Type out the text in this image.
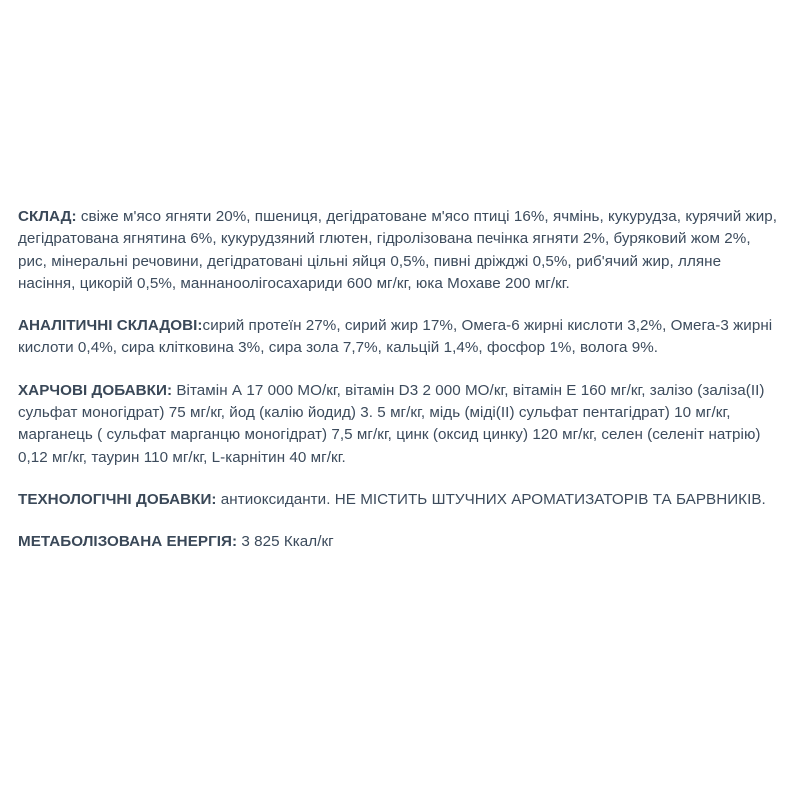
СКЛАД: свіже м'ясо ягняти 20%, пшениця, дегідратоване м'ясо птиці 16%, ячмінь, кукурудза, курячий жир, дегідратована ягнятина 6%, кукурудзяний глютен, гідролізована печінка ягняти 2%, буряковий жом 2%, рис, мінеральні речовини, дегідратовані цільні яйця 0,5%, пивні дріжджі 0,5%, риб'ячий жир, лляне насіння, цикорій 0,5%, маннаноолігосахариди 600 мг/кг, юка Мохаве 200 мг/кг.

АНАЛІТИЧНІ СКЛАДОВІ:сирий протеїн 27%, сирий жир 17%, Омега-6 жирні кислоти 3,2%, Омега-3 жирні кислоти 0,4%, сира клітковина 3%, сира зола 7,7%, кальцій 1,4%, фосфор 1%, волога 9%.

ХАРЧОВІ ДОБАВКИ: Вітамін А 17 000 МО/кг, вітамін D3 2 000 МО/кг, вітамін Е 160 мг/кг, залізо (заліза(II) сульфат моногідрат) 75 мг/кг, йод (калію йодид) 3. 5 мг/кг, мідь (міді(II) сульфат пентагідрат) 10 мг/кг, марганець ( сульфат марганцю моногідрат) 7,5 мг/кг, цинк (оксид цинку) 120 мг/кг, селен (селеніт натрію) 0,12 мг/кг, таурин 110 мг/кг, L-карнітин 40 мг/кг.

ТЕХНОЛОГІЧНІ ДОБАВКИ: антиоксиданти. НЕ МІСТИТЬ ШТУЧНИХ АРОМАТИЗАТОРІВ ТА БАРВНИКІВ.

МЕТАБОЛІЗОВАНА ЕНЕРГІЯ: 3 825 Ккал/кг
